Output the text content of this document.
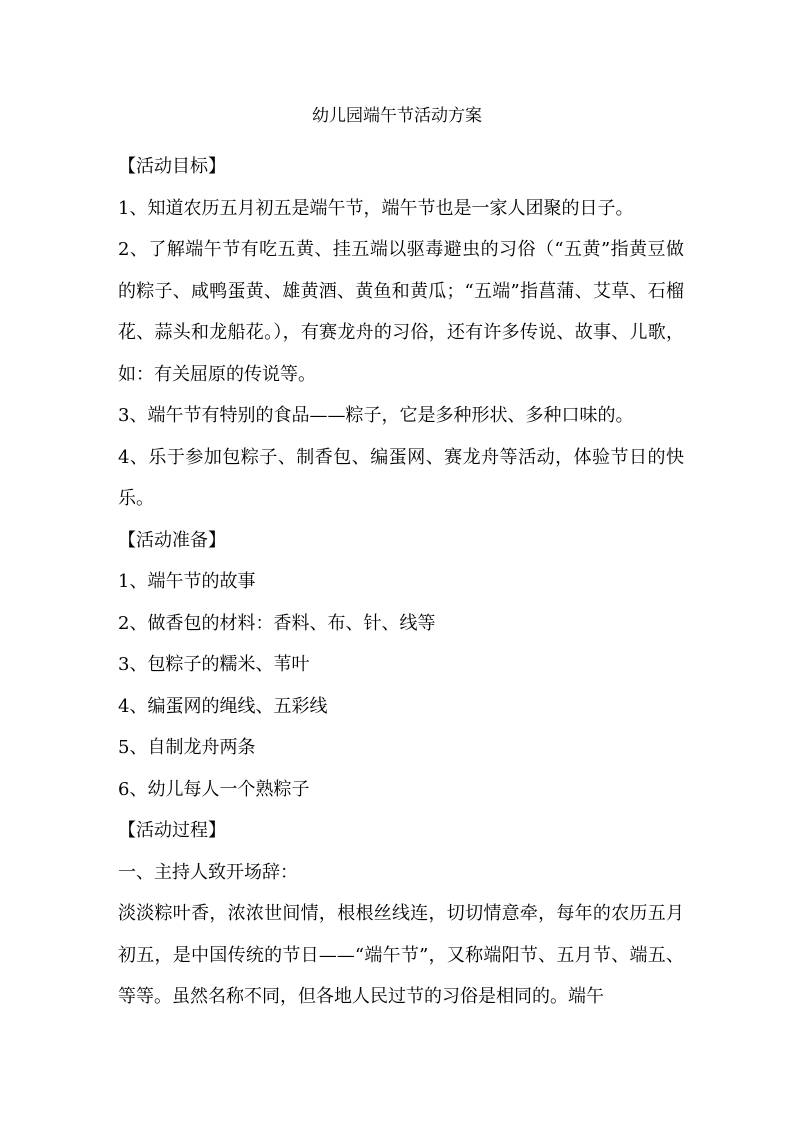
幼儿园端午节活动方案

【活动目标】

1、知道农历五月初五是端午节，端午节也是一家人团聚的日子。

2、了解端午节有吃五黄、挂五端以驱毒避虫的习俗（“五黄”指黄豆做的粽子、咸鸭蛋黄、雄黄酒、黄鱼和黄瓜；“五端”指菖蒲、艾草、石榴花、蒜头和龙船花。），有赛龙舟的习俗，还有许多传说、故事、儿歌，如：有关屈原的传说等。

3、端午节有特别的食品——粽子，它是多种形状、多种口味的。

4、乐于参加包粽子、制香包、编蛋网、赛龙舟等活动，体验节日的快乐。

【活动准备】

1、端午节的故事

2、做香包的材料：香料、布、针、线等

3、包粽子的糯米、苇叶

4、编蛋网的绳线、五彩线

5、自制龙舟两条

6、幼儿每人一个熟粽子

【活动过程】

一、主持人致开场辞：

淡淡粽叶香，浓浓世间情，根根丝线连，切切情意牵，每年的农历五月初五，是中国传统的节日——“端午节”，又称端阳节、五月节、端五、等等。虽然名称不同，但各地人民过节的习俗是相同的。端午
